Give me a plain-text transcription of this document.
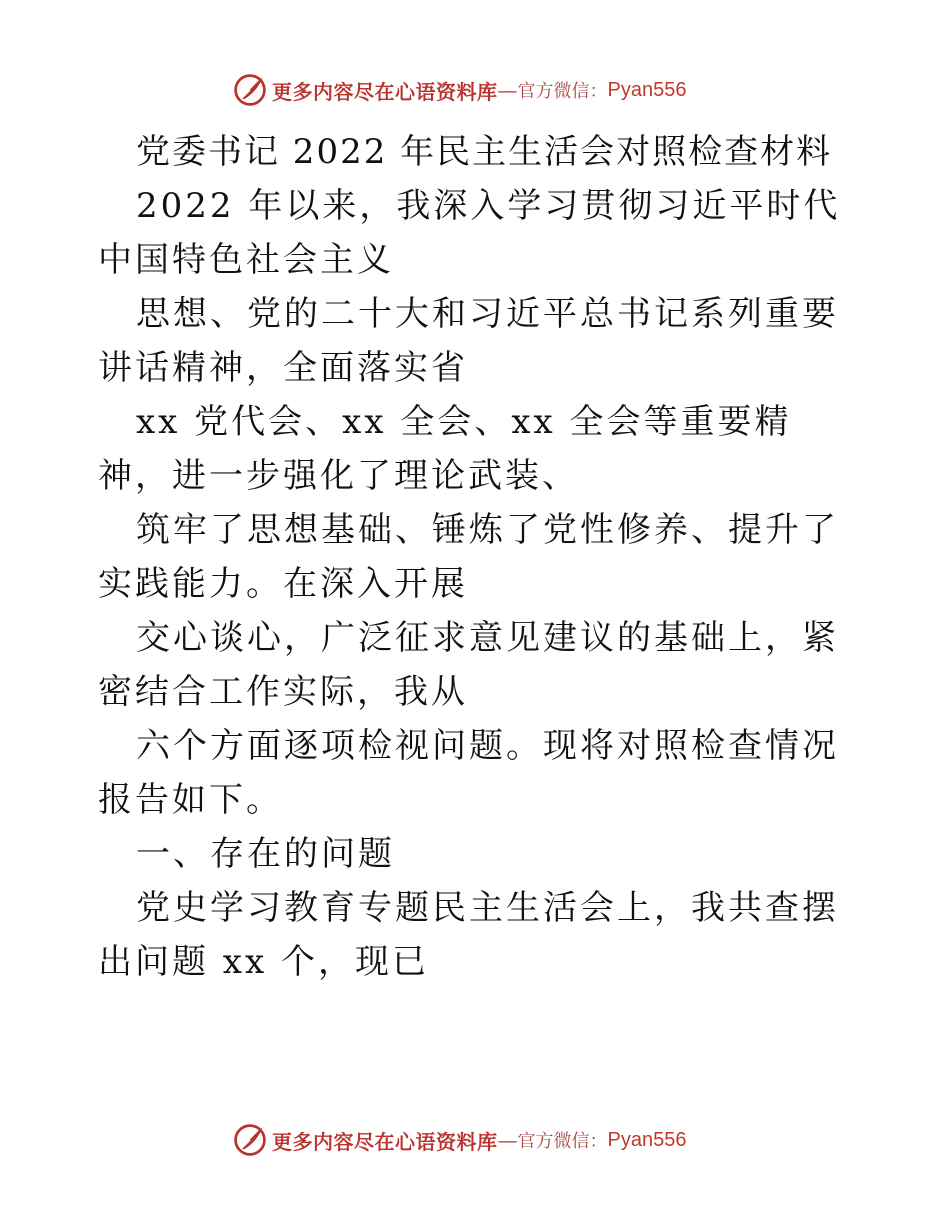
更多内容尽在心语资料库 — 官方微信： Pyan556

党委书记 2022 年民主生活会对照检查材料

2022 年以来，我深入学习贯彻习近平时代中国特色社会主义

思想、党的二十大和习近平总书记系列重要讲话精神，全面落实省

xx 党代会、xx 全会、xx 全会等重要精神，进一步强化了理论武装、

筑牢了思想基础、锤炼了党性修养、提升了实践能力。在深入开展

交心谈心，广泛征求意见建议的基础上，紧密结合工作实际，我从

六个方面逐项检视问题。现将对照检查情况报告如下。

一、存在的问题

党史学习教育专题民主生活会上，我共查摆出问题 xx 个，现已

更多内容尽在心语资料库 — 官方微信： Pyan556
